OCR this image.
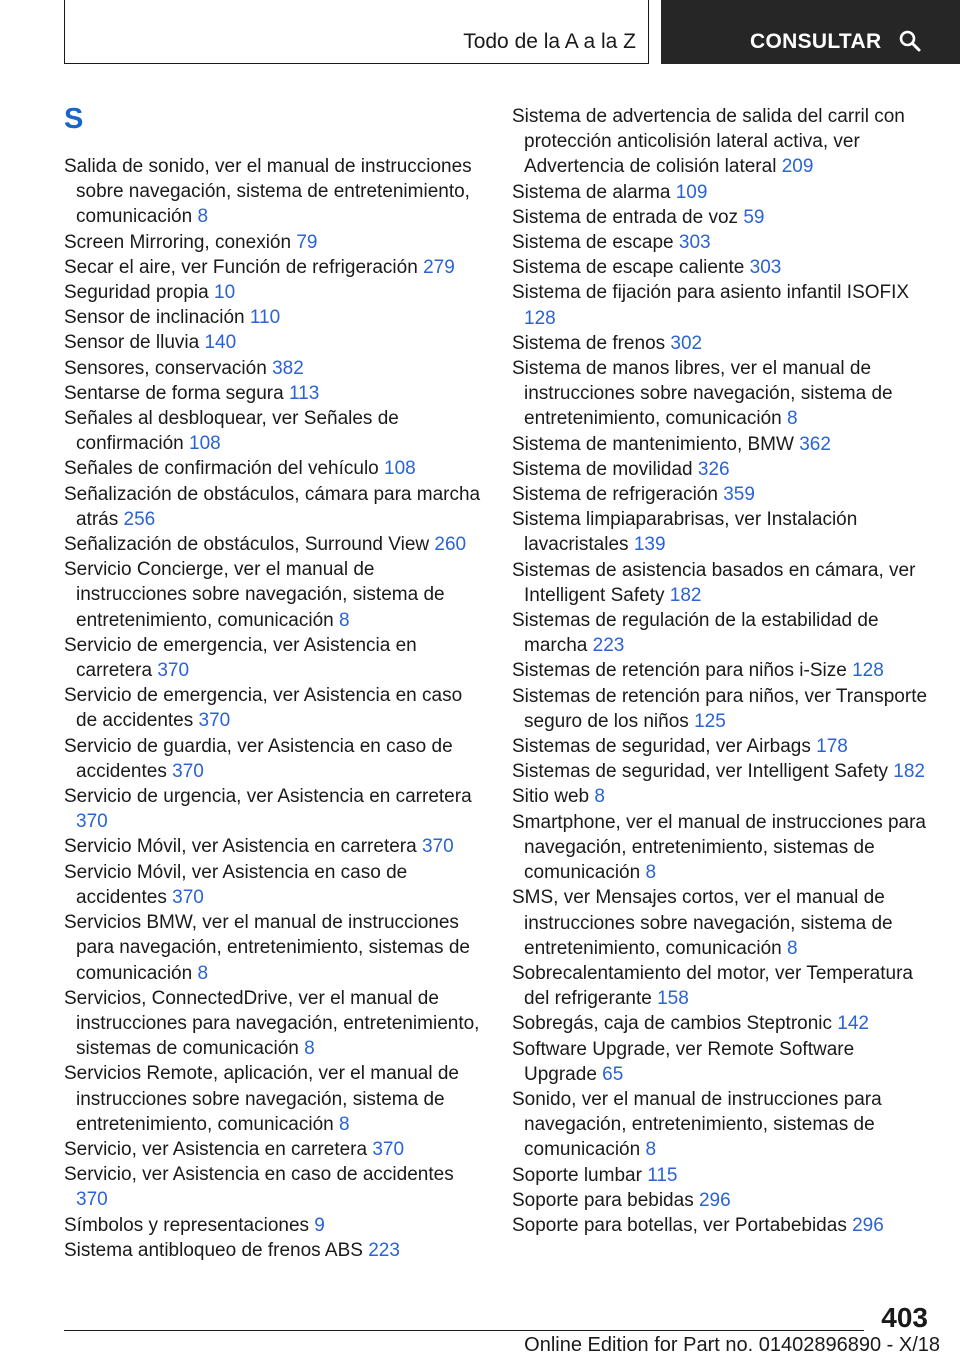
Todo de la A a la Z	CONSULTAR
S

Salida de sonido, ver el manual de instrucciones sobre navegación, sistema de entretenimiento, comunicación 8

Screen Mirroring, conexión 79

Secar el aire, ver Función de refrigeración 279

Seguridad propia 10

Sensor de inclinación 110

Sensor de lluvia 140

Sensores, conservación 382

Sentarse de forma segura 113

Señales al desbloquear, ver Señales de confirmación 108

Señales de confirmación del vehículo 108

Señalización de obstáculos, cámara para marcha atrás 256

Señalización de obstáculos, Surround View 260

Servicio Concierge, ver el manual de instrucciones sobre navegación, sistema de entretenimiento, comunicación 8

Servicio de emergencia, ver Asistencia en carretera 370

Servicio de emergencia, ver Asistencia en caso de accidentes 370

Servicio de guardia, ver Asistencia en caso de accidentes 370

Servicio de urgencia, ver Asistencia en carretera 370

Servicio Móvil, ver Asistencia en carretera 370

Servicio Móvil, ver Asistencia en caso de accidentes 370

Servicios BMW, ver el manual de instrucciones para navegación, entretenimiento, sistemas de comunicación 8

Servicios, ConnectedDrive, ver el manual de instrucciones para navegación, entretenimiento, sistemas de comunicación 8

Servicios Remote, aplicación, ver el manual de instrucciones sobre navegación, sistema de entretenimiento, comunicación 8

Servicio, ver Asistencia en carretera 370

Servicio, ver Asistencia en caso de accidentes 370

Símbolos y representaciones 9

Sistema antibloqueo de frenos ABS 223

Sistema de advertencia de salida del carril con protección anticolisión lateral activa, ver Advertencia de colisión lateral 209

Sistema de alarma 109

Sistema de entrada de voz 59

Sistema de escape 303

Sistema de escape caliente 303

Sistema de fijación para asiento infantil ISOFIX 128

Sistema de frenos 302

Sistema de manos libres, ver el manual de instrucciones sobre navegación, sistema de entretenimiento, comunicación 8

Sistema de mantenimiento, BMW 362

Sistema de movilidad 326

Sistema de refrigeración 359

Sistema limpiaparabrisas, ver Instalación lavacristales 139

Sistemas de asistencia basados en cámara, ver Intelligent Safety 182

Sistemas de regulación de la estabilidad de marcha 223

Sistemas de retención para niños i-Size 128

Sistemas de retención para niños, ver Transporte seguro de los niños 125

Sistemas de seguridad, ver Airbags 178

Sistemas de seguridad, ver Intelligent Safety 182

Sitio web 8

Smartphone, ver el manual de instrucciones para navegación, entretenimiento, sistemas de comunicación 8

SMS, ver Mensajes cortos, ver el manual de instrucciones sobre navegación, sistema de entretenimiento, comunicación 8

Sobrecalentamiento del motor, ver Temperatura del refrigerante 158

Sobregás, caja de cambios Steptronic 142

Software Upgrade, ver Remote Software Upgrade 65

Sonido, ver el manual de instrucciones para navegación, entretenimiento, sistemas de comunicación 8

Soporte lumbar 115

Soporte para bebidas 296

Soporte para botellas, ver Portabebidas 296

403
Online Edition for Part no. 01402896890 - X/18
